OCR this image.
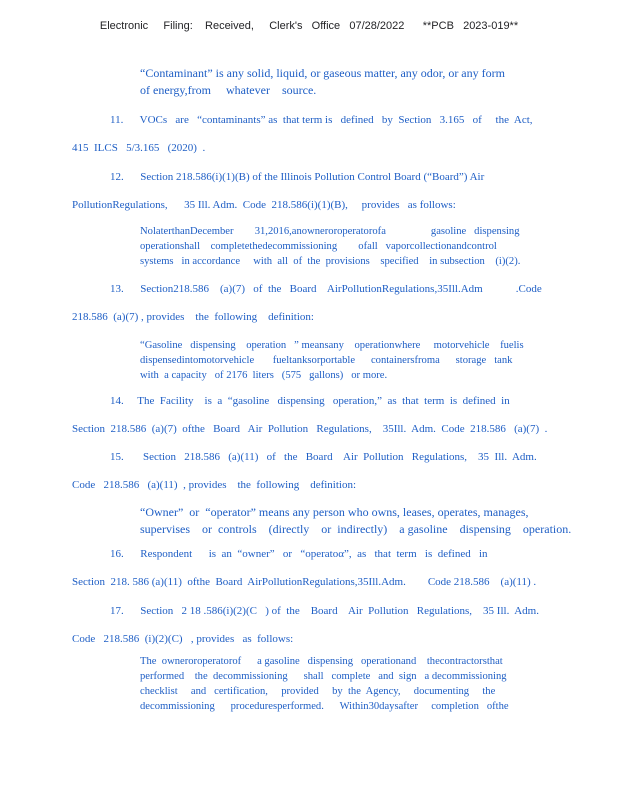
Electronic     Filing:    Received,     Clerk's   Office   07/28/2022      **PCB   2023-019**
“Contaminant” is any solid, liquid, or gaseous matter, any odor, or any form
of energy,from     whatever    source.
11.      VOCs   are   “contaminants” as  that term is   defined   by  Section   3.165   of     the  Act,
415  ILCS   5/3.165   (2020)  .
12.      Section 218.586(i)(1)(B) of the Illinois Pollution Control Board (“Board”) Air
PollutionRegulations,      35 Ill. Adm.  Code  218.586(i)(1)(B),     provides   as follows:
NolaterthanDecember        31,2016,anowneroroperatorofa                 gasoline   dispensing
operationshall    completethedecommissioning        ofall   vaporcollectionandcontrol
systems   in accordance     with  all  of  the  provisions    specified    in subsection    (i)(2).
13.      Section218.586    (a)(7)   of  the   Board    AirPollutionRegulations,35Ill.Adm            .Code
218.586  (a)(7) , provides    the  following    definition:
“Gasoline   dispensing    operation   ” meansany    operationwhere     motorvehicle    fuelis
dispensedintomotorvehicle       fueltanksorportable      containersfroma      storage   tank
with  a capacity   of 2176  liters   (575   gallons)   or more.
14.     The  Facility    is  a  “gasoline   dispensing   operation,”  as  that  term  is  defined  in
Section  218.586  (a)(7)  ofthe   Board   Air  Pollution   Regulations,    35Ill.  Adm.  Code  218.586   (a)(7)  .
15.       Section   218.586   (a)(11)   of   the   Board    Air  Pollution   Regulations,    35  Ill.  Adm.
Code   218.586   (a)(11)  , provides    the  following    definition:
“Owner”  or  “operator” means any person who owns, leases, operates, manages,
supervises    or  controls    (directly    or  indirectly)    a gasoline    dispensing    operation.
16.      Respondent      is  an  “owner”   or   “operatoα”,  as   that  term   is  defined   in
Section  218. 586 (a)(11)  ofthe  Board  AirPollutionRegulations,35Ill.Adm.        Code 218.586    (a)(11) .
17.      Section   2 18 .586(i)(2)(C   ) of  the    Board    Air  Pollution   Regulations,    35 Ill.  Adm.
Code   218.586  (i)(2)(C)   , provides   as  follows:
The  owneroroperatorof      a gasoline   dispensing   operationand    thecontractorsthat
performed    the  decommissioning      shall   complete   and  sign   a decommissioning
checklist     and   certification,     provided     by  the  Agency,     documenting     the
decommissioning      proceduresperformed.      Within30daysafter     completion   ofthe
